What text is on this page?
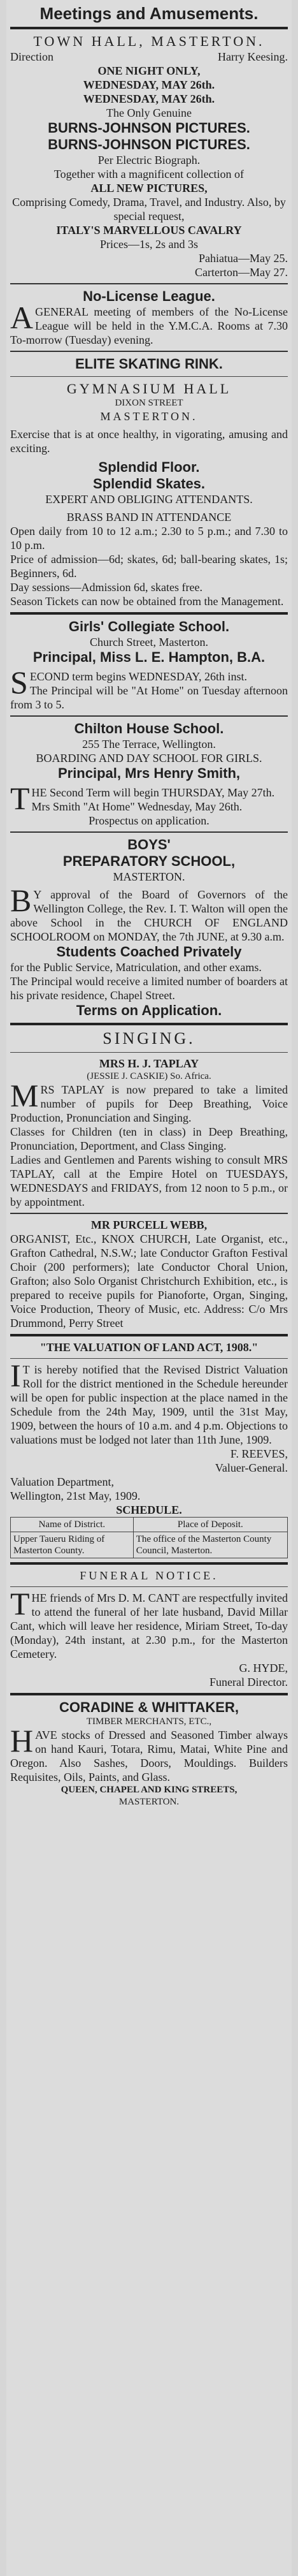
Meetings and Amusements.
TOWN HALL, MASTERTON.
Direction	Harry Keesing.
ONE NIGHT ONLY,
WEDNESDAY, MAY 26th.
WEDNESDAY, MAY 26th.
The Only Genuine
BURNS-JOHNSON PICTURES.
BURNS-JOHNSON PICTURES.
Per Electric Biograph.
Together with a magnificent collection of
ALL NEW PICTURES,
Comprising Comedy, Drama, Travel, and Industry. Also, by special request,
ITALY'S MARVELLOUS CAVALRY
Prices—1s, 2s and 3s
Pahiatua—May 25.
Carterton—May 27.
No-License League.

AGENERAL meeting of members of the No-License League will be held in the Y.M.C.A. Rooms at 7.30 To-morrow (Tuesday) evening.

ELITE SKATING RINK.
GYMNASIUM HALL
DIXON STREET
MASTERTON.

Exercise that is at once healthy, in vigorating, amusing and exciting.

Splendid Floor.
Splendid Skates.
EXPERT AND OBLIGING ATTENDANTS.
BRASS BAND IN ATTENDANCE

Open daily from 10 to 12 a.m.; 2.30 to 5 p.m.; and 7.30 to 10 p.m.

Price of admission—6d; skates, 6d; ball-bearing skates, 1s; Beginners, 6d.

Day sessions—Admission 6d, skates free.

Season Tickets can now be obtained from the Management.

Girls' Collegiate School.
Church Street, Masterton.
Principal, Miss L. E. Hampton, B.A.

SECOND term begins WEDNESDAY, 26th inst.

The Principal will be "At Home" on Tuesday afternoon from 3 to 5.

Chilton House School.
255 The Terrace, Wellington.
BOARDING AND DAY SCHOOL FOR GIRLS.
Principal, Mrs Henry Smith,

THE Second Term will begin THURSDAY, May 27th.

Mrs Smith "At Home" Wednesday, May 26th.

Prospectus on application.
BOYS'
PREPARATORY SCHOOL,
MASTERTON.

BY approval of the Board of Governors of the Wellington College, the Rev. I. T. Walton will open the above School in the CHURCH OF ENGLAND SCHOOLROOM on MONDAY, the 7th JUNE, at 9.30 a.m.

Students Coached Privately

for the Public Service, Matriculation, and other exams.

The Principal would receive a limited number of boarders at his private residence, Chapel Street.

Terms on Application.
SINGING.
MRS H. J. TAPLAY
(JESSIE J. CASKIE) So. Africa.

MRS TAPLAY is now prepared to take a limited number of pupils for Deep Breathing, Voice Production, Pronunciation and Singing.

Classes for Children (ten in class) in Deep Breathing, Pronunciation, Deportment, and Class Singing.

Ladies and Gentlemen and Parents wishing to consult MRS TAPLAY, call at the Empire Hotel on TUESDAYS, WEDNESDAYS and FRIDAYS, from 12 noon to 5 p.m., or by appointment.

MR PURCELL WEBB,

ORGANIST, Etc., KNOX CHURCH, Late Organist, etc., Grafton Cathedral, N.S.W.; late Conductor Grafton Festival Choir (200 performers); late Conductor Choral Union, Grafton; also Solo Organist Christchurch Exhibition, etc., is prepared to receive pupils for Pianoforte, Organ, Singing, Voice Production, Theory of Music, etc. Address: C/o Mrs Drummond, Perry Street

"THE VALUATION OF LAND ACT, 1908."

IT is hereby notified that the Revised District Valuation Roll for the district mentioned in the Schedule hereunder will be open for public inspection at the place named in the Schedule from the 24th May, 1909, until the 31st May, 1909, between the hours of 10 a.m. and 4 p.m. Objections to valuations must be lodged not later than 11th June, 1909.

F. REEVES,
Valuer-General.
Valuation Department,
Wellington, 21st May, 1909.
SCHEDULE.
Name of District.	Place of Deposit.
Upper Taueru Riding of Masterton County.	The office of the Masterton County Council, Masterton.
FUNERAL NOTICE.

THE friends of Mrs D. M. CANT are respectfully invited to attend the funeral of her late husband, David Millar Cant, which will leave her residence, Miriam Street, To-day (Monday), 24th instant, at 2.30 p.m., for the Masterton Cemetery.

G. HYDE,
Funeral Director.
CORADINE & WHITTAKER,
TIMBER MERCHANTS, ETC.,

HAVE stocks of Dressed and Seasoned Timber always on hand Kauri, Totara, Rimu, Matai, White Pine and Oregon. Also Sashes, Doors, Mouldings. Builders Requisites, Oils, Paints, and Glass.

QUEEN, CHAPEL AND KING STREETS,
MASTERTON.
